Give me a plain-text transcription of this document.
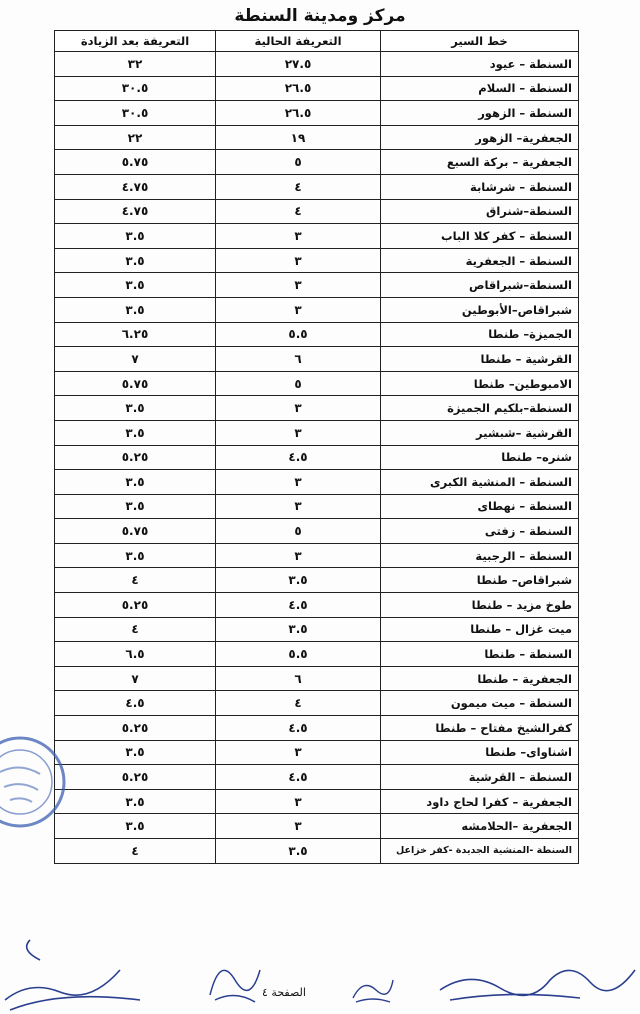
مركز ومدينة السنطة
خط السير	التعريفة الحالية	التعريفة بعد الزيادة
السنطة – عيود	٢٧.٥	٣٢
السنطة – السلام	٢٦.٥	٣٠.٥
السنطة – الزهور	٢٦.٥	٣٠.٥
الجعفرية– الزهور	١٩	٢٢
الجعفرية – بركة السبع	٥	٥.٧٥
السنطة – شرشابة	٤	٤.٧٥
السنطة–شنراق	٤	٤.٧٥
السنطة – كفر كلا الباب	٣	٣.٥
السنطة – الجعفرية	٣	٣.٥
السنطة–شبراقاص	٣	٣.٥
شبراقاص–الأبوطين	٣	٣.٥
الجميزة– طنطا	٥.٥	٦.٢٥
القرشية – طنطا	٦	٧
الامبوطين– طنطا	٥	٥.٧٥
السنطة–بلكيم الجميزة	٣	٣.٥
القرشية –شبشير	٣	٣.٥
شنره– طنطا	٤.٥	٥.٢٥
السنطة – المنشية الكبرى	٣	٣.٥
السنطة – نهطاى	٣	٣.٥
السنطة – زفتى	٥	٥.٧٥
السنطة – الرجبية	٣	٣.٥
شبراقاص– طنطا	٣.٥	٤
طوخ مزيد – طنطا	٤.٥	٥.٢٥
ميت غزال – طنطا	٣.٥	٤
السنطة – طنطا	٥.٥	٦.٥
الجعفرية – طنطا	٦	٧
السنطة – ميت ميمون	٤	٤.٥
كفرالشيخ مفتاح – طنطا	٤.٥	٥.٢٥
اشناواى– طنطا	٣	٣.٥
السنطة – القرشية	٤.٥	٥.٢٥
الجعفرية – كفرا لحاج داود	٣	٣.٥
الجعفرية –الحلامشه	٣	٣.٥
السنطة -المنشية الجديدة -كفر خزاعل	٣.٥	٤
الصفحة ٤
